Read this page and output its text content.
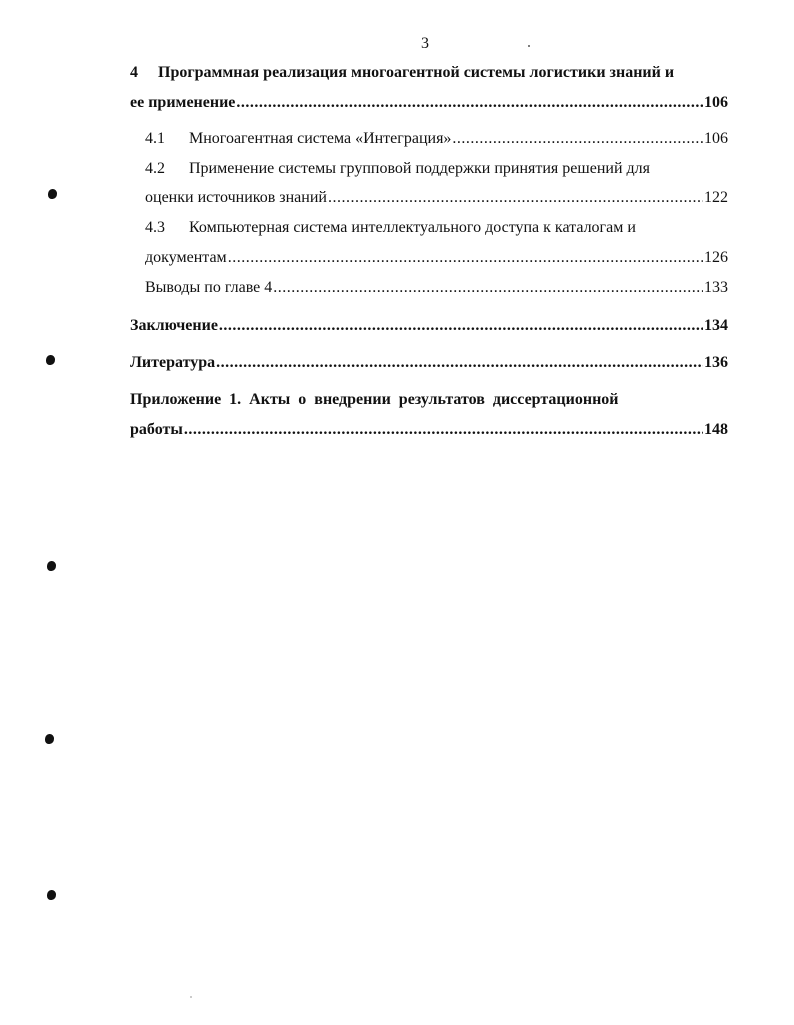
3
4	Программная реализация многоагентной системы логистики знаний и
ее применение .....	106
4.1	Многоагентная система «Интеграция» .....	106
4.2	Применение системы групповой поддержки принятия решений для
оценки источников знаний .....	122
4.3	Компьютерная система интеллектуального доступа к каталогам и
документам .....	126
Выводы по главе 4 .....	133
Заключение .....	134
Литература .....	136
Приложение 1. Акты о внедрении результатов диссертационной
работы .....	148
